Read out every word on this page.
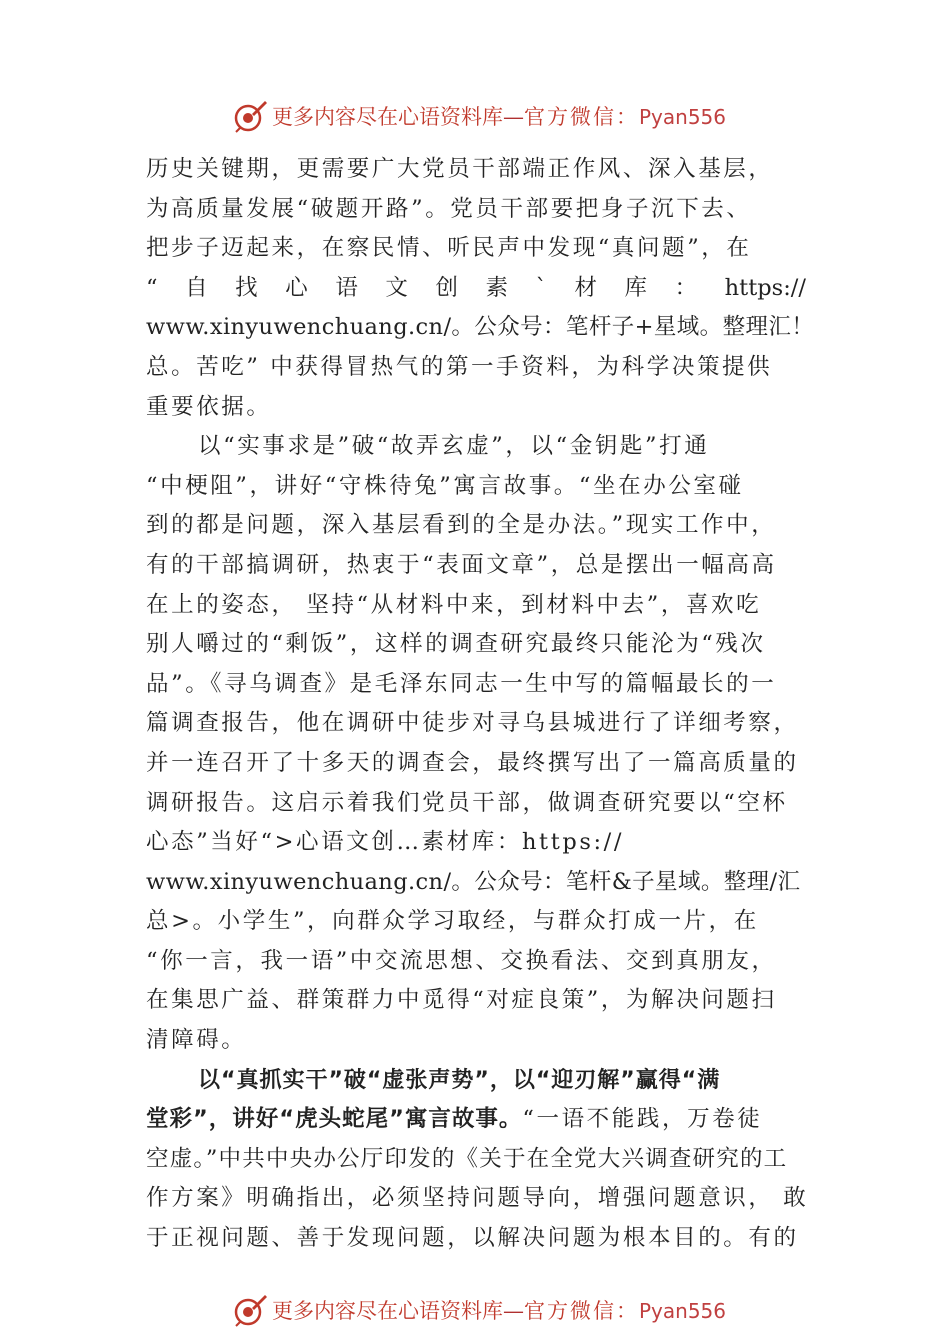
更多内容尽在心语资料库—官方微信：Pyan556
历史关键期，更需要广大党员干部端正作风、深入基层，
为高质量发展“破题开路”。党员干部要把身子沉下去、
把步子迈起来，在察民情、听民声中发现“真问题”，在
“ 自 找 心 语 文 创 素 ` 材 库 ： https://
www.xinyuwenchuang.cn/。公众号：笔杆子+星域。整理汇！
总。苦吃” 中获得冒热气的第一手资料，为科学决策提供
重要依据。
以“实事求是”破“故弄玄虚”，以“金钥匙”打通
“中梗阻”，讲好“守株待兔”寓言故事。“坐在办公室碰
到的都是问题，深入基层看到的全是办法。”现实工作中，
有的干部搞调研，热衷于“表面文章”，总是摆出一幅高高
在上的姿态， 坚持“从材料中来，到材料中去”，喜欢吃
别人嚼过的“剩饭”，这样的调查研究最终只能沦为“残次
品”。《寻乌调查》是毛泽东同志一生中写的篇幅最长的一
篇调查报告，他在调研中徒步对寻乌县城进行了详细考察，
并一连召开了十多天的调查会，最终撰写出了一篇高质量的
调研报告。这启示着我们党员干部，做调查研究要以“空杯
心态”当好“>心语文创…素材库：https://
www.xinyuwenchuang.cn/。公众号：笔杆&子星域。整理/汇
总>。小学生”，向群众学习取经，与群众打成一片，在
“你一言，我一语”中交流思想、交换看法、交到真朋友，
在集思广益、群策群力中觅得“对症良策”，为解决问题扫
清障碍。
以“真抓实干”破“虚张声势”，以“迎刃解”赢得“满
堂彩”，讲好“虎头蛇尾”寓言故事。“一语不能践，万卷徒
空虚。”中共中央办公厅印发的《关于在全党大兴调查研究的工
作方案》明确指出，必须坚持问题导向，增强问题意识， 敢
于正视问题、善于发现问题，以解决问题为根本目的。有的
更多内容尽在心语资料库—官方微信：Pyan556
